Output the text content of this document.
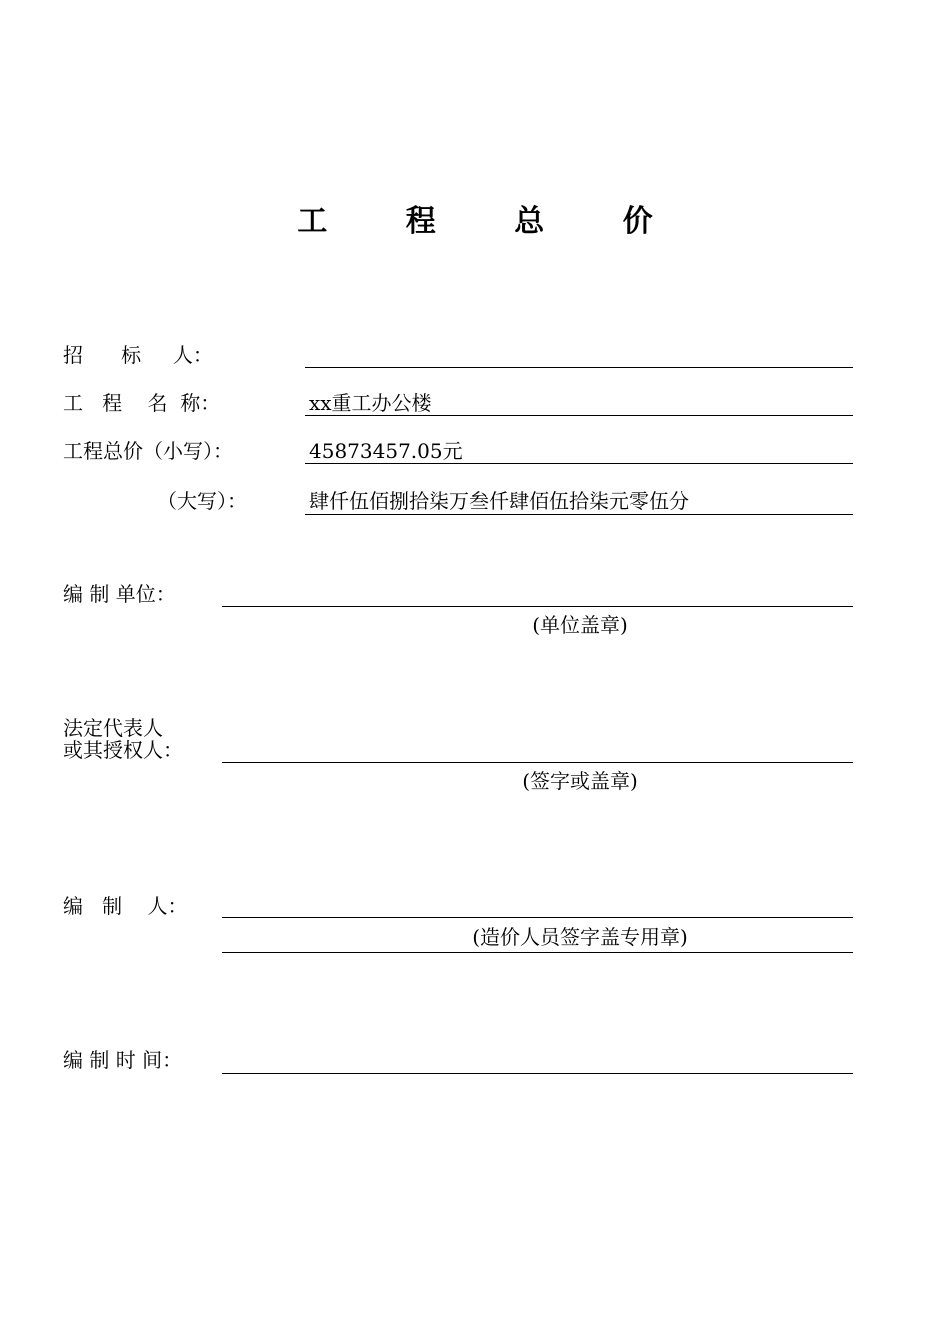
工 程 总 价
招      标     人：
工   程    名  称：	xx重工办公楼
工程总价（小写）：	45873457.05元
（大写）：	肆仟伍佰捌拾柒万叁仟肆佰伍拾柒元零伍分
编 制 单位：
(单位盖章)
法定代表人
或其授权人：
(签字或盖章)
编   制    人：
(造价人员签字盖专用章)
编 制 时 间：
